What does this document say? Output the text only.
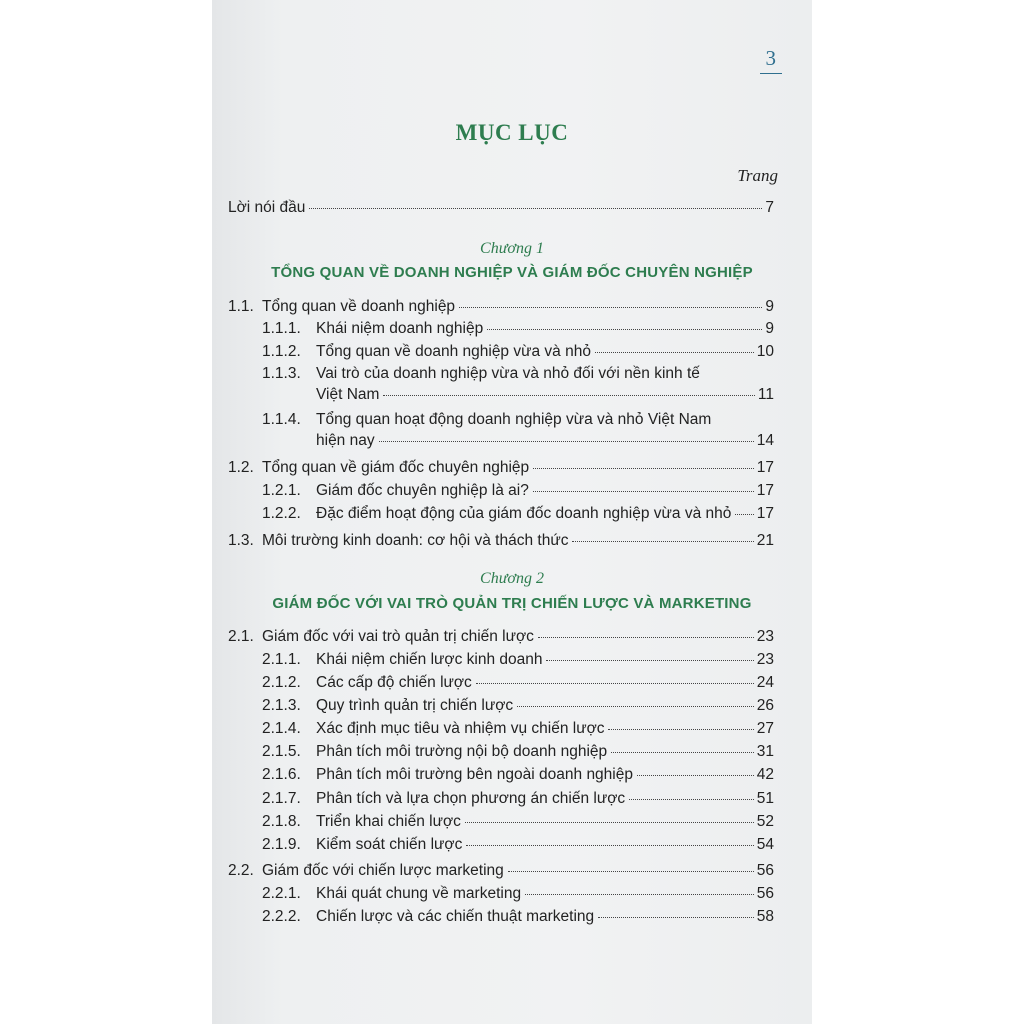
3
MỤC LỤC
Trang
Lời nói đầu	7
Chương 1
TỔNG QUAN VỀ DOANH NGHIỆP VÀ GIÁM ĐỐC CHUYÊN NGHIỆP
1.1. Tổng quan về doanh nghiệp	9
1.1.1. Khái niệm doanh nghiệp	9
1.1.2. Tổng quan về doanh nghiệp vừa và nhỏ	10
1.1.3. Vai trò của doanh nghiệp vừa và nhỏ đối với nền kinh tế
Việt Nam	11
1.1.4. Tổng quan hoạt động doanh nghiệp vừa và nhỏ Việt Nam
hiện nay	14
1.2. Tổng quan về giám đốc chuyên nghiệp	17
1.2.1. Giám đốc chuyên nghiệp là ai?	17
1.2.2. Đặc điểm hoạt động của giám đốc doanh nghiệp vừa và nhỏ 17
1.3. Môi trường kinh doanh: cơ hội và thách thức	21
Chương 2
GIÁM ĐỐC VỚI VAI TRÒ QUẢN TRỊ CHIẾN LƯỢC VÀ MARKETING
2.1. Giám đốc với vai trò quản trị chiến lược	23
2.1.1. Khái niệm chiến lược kinh doanh	23
2.1.2. Các cấp độ chiến lược	24
2.1.3. Quy trình quản trị chiến lược	26
2.1.4. Xác định mục tiêu và nhiệm vụ chiến lược	27
2.1.5. Phân tích môi trường nội bộ doanh nghiệp	31
2.1.6. Phân tích môi trường bên ngoài doanh nghiệp	42
2.1.7. Phân tích và lựa chọn phương án chiến lược	51
2.1.8. Triển khai chiến lược	52
2.1.9. Kiểm soát chiến lược	54
2.2. Giám đốc với chiến lược marketing	56
2.2.1. Khái quát chung về marketing	56
2.2.2. Chiến lược và các chiến thuật marketing	58
